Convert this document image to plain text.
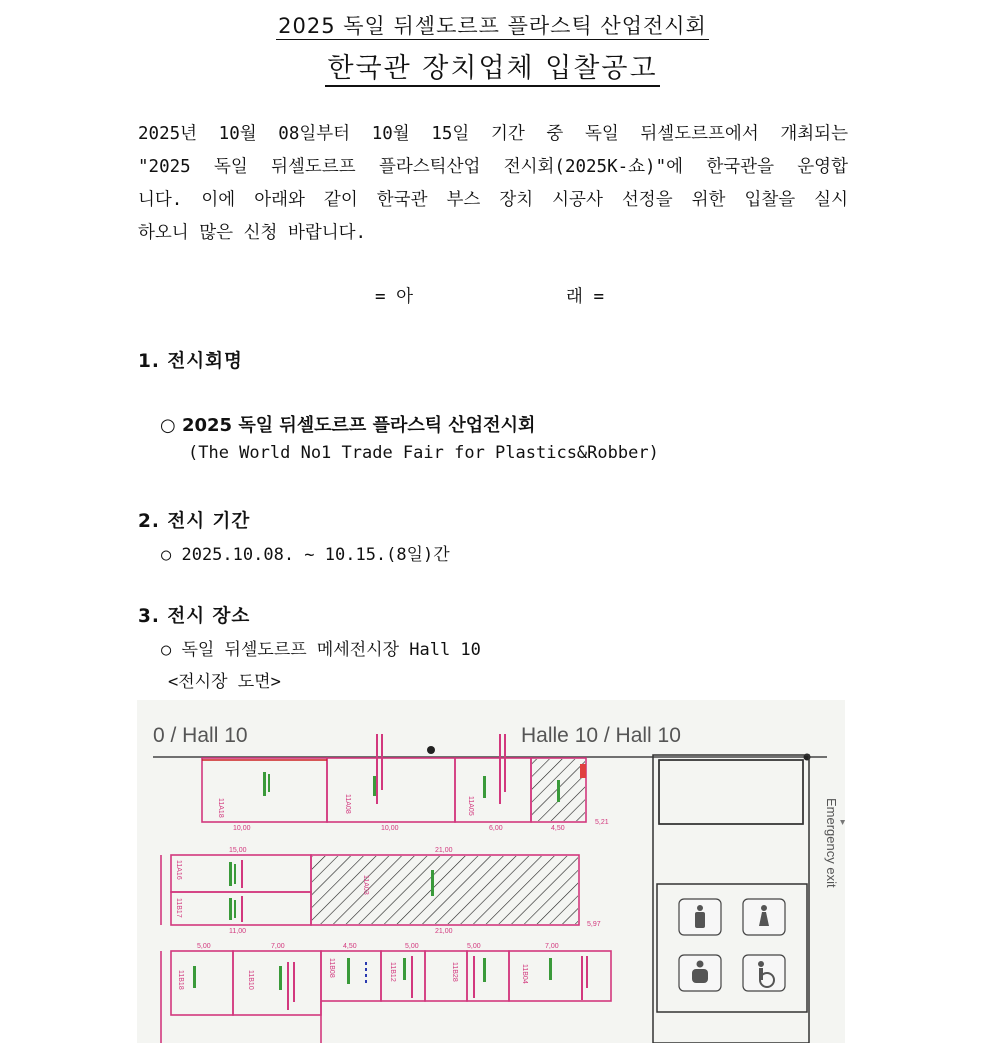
2025 독일 뒤셀도르프 플라스틱 산업전시회
한국관 장치업체 입찰공고
2025년 10월 08일부터 10월 15일 기간 중 독일 뒤셀도르프에서 개최되는
"2025 독일 뒤셀도르프 플라스틱산업 전시회(2025K-쇼)"에 한국관을 운영합
니다. 이에 아래와 같이 한국관 부스 장치 시공사 선정을 위한 입찰을 실시
하오니 많은 신청 바랍니다.
= 아	래 =
1. 전시회명
○ 2025 독일 뒤셀도르프 플라스틱 산업전시회
(The World No1 Trade Fair for Plastics&Robber)
2. 전시 기간
○ 2025.10.08. ~ 10.15.(8일)간
3. 전시 장소
○ 독일 뒤셀도르프 메세전시장 Hall 10
<전시장 도면>
0 / Hall 10	Halle 10 / Hall 10
11A18	11A08	11A05
10,00	10,00	6,00	4,50
5,21
11A16
11B17
11A03
15,00	21,00
21,00
11,00
5,97
11B18	11B10
11B08	11B12	11B28	11B04
5,00	7,00	4,50	5,00	5,00	7,00
Emergency exit
▸
